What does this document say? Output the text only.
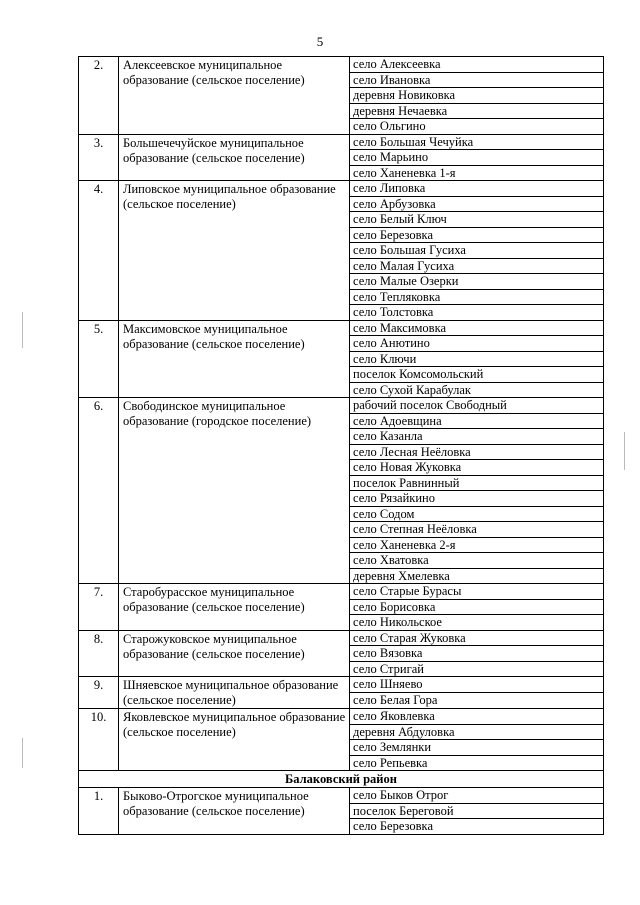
5
2.	Алексеевское муниципальное образование (сельское поселение)	село Алексеевка
		село Ивановка
		деревня Новиковка
		деревня Нечаевка
		село Ольгино
3.	Большечечуйское муниципальное образование (сельское поселение)	село Большая Чечуйка
		село Марьино
		село Ханеневка 1-я
4.	Липовское муниципальное образование (сельское поселение)	село Липовка
		село Арбузовка
		село Белый Ключ
		село Березовка
		село Большая Гусиха
		село Малая Гусиха
		село Малые Озерки
		село Тепляковка
		село Толстовка
5.	Максимовское муниципальное образование (сельское поселение)	село Максимовка
		село Анютино
		село Ключи
		поселок Комсомольский
		село Сухой Карабулак
6.	Свободинское муниципальное образование (городское поселение)	рабочий поселок Свободный
		село Адоевщина
		село Казанла
		село Лесная Неёловка
		село Новая Жуковка
		поселок Равнинный
		село Рязайкино
		село Содом
		село Степная Неёловка
		село Ханеневка 2-я
		село Хватовка
		деревня Хмелевка
7.	Старобурасское муниципальное образование (сельское поселение)	село Старые Бурасы
		село Борисовка
		село Никольское
8.	Старожуковское муниципальное образование (сельское поселение)	село Старая Жуковка
		село Вязовка
		село Стригай
9.	Шняевское муниципальное образование (сельское поселение)	село Шняево
		село Белая Гора
10.	Яковлевское муниципальное образование (сельское поселение)	село Яковлевка
		деревня Абдуловка
		село Землянки
		село Репьевка
Балаковский район		
1.	Быково-Отрогское муниципальное образование (сельское поселение)	село Быков Отрог
		поселок Береговой
		село Березовка
